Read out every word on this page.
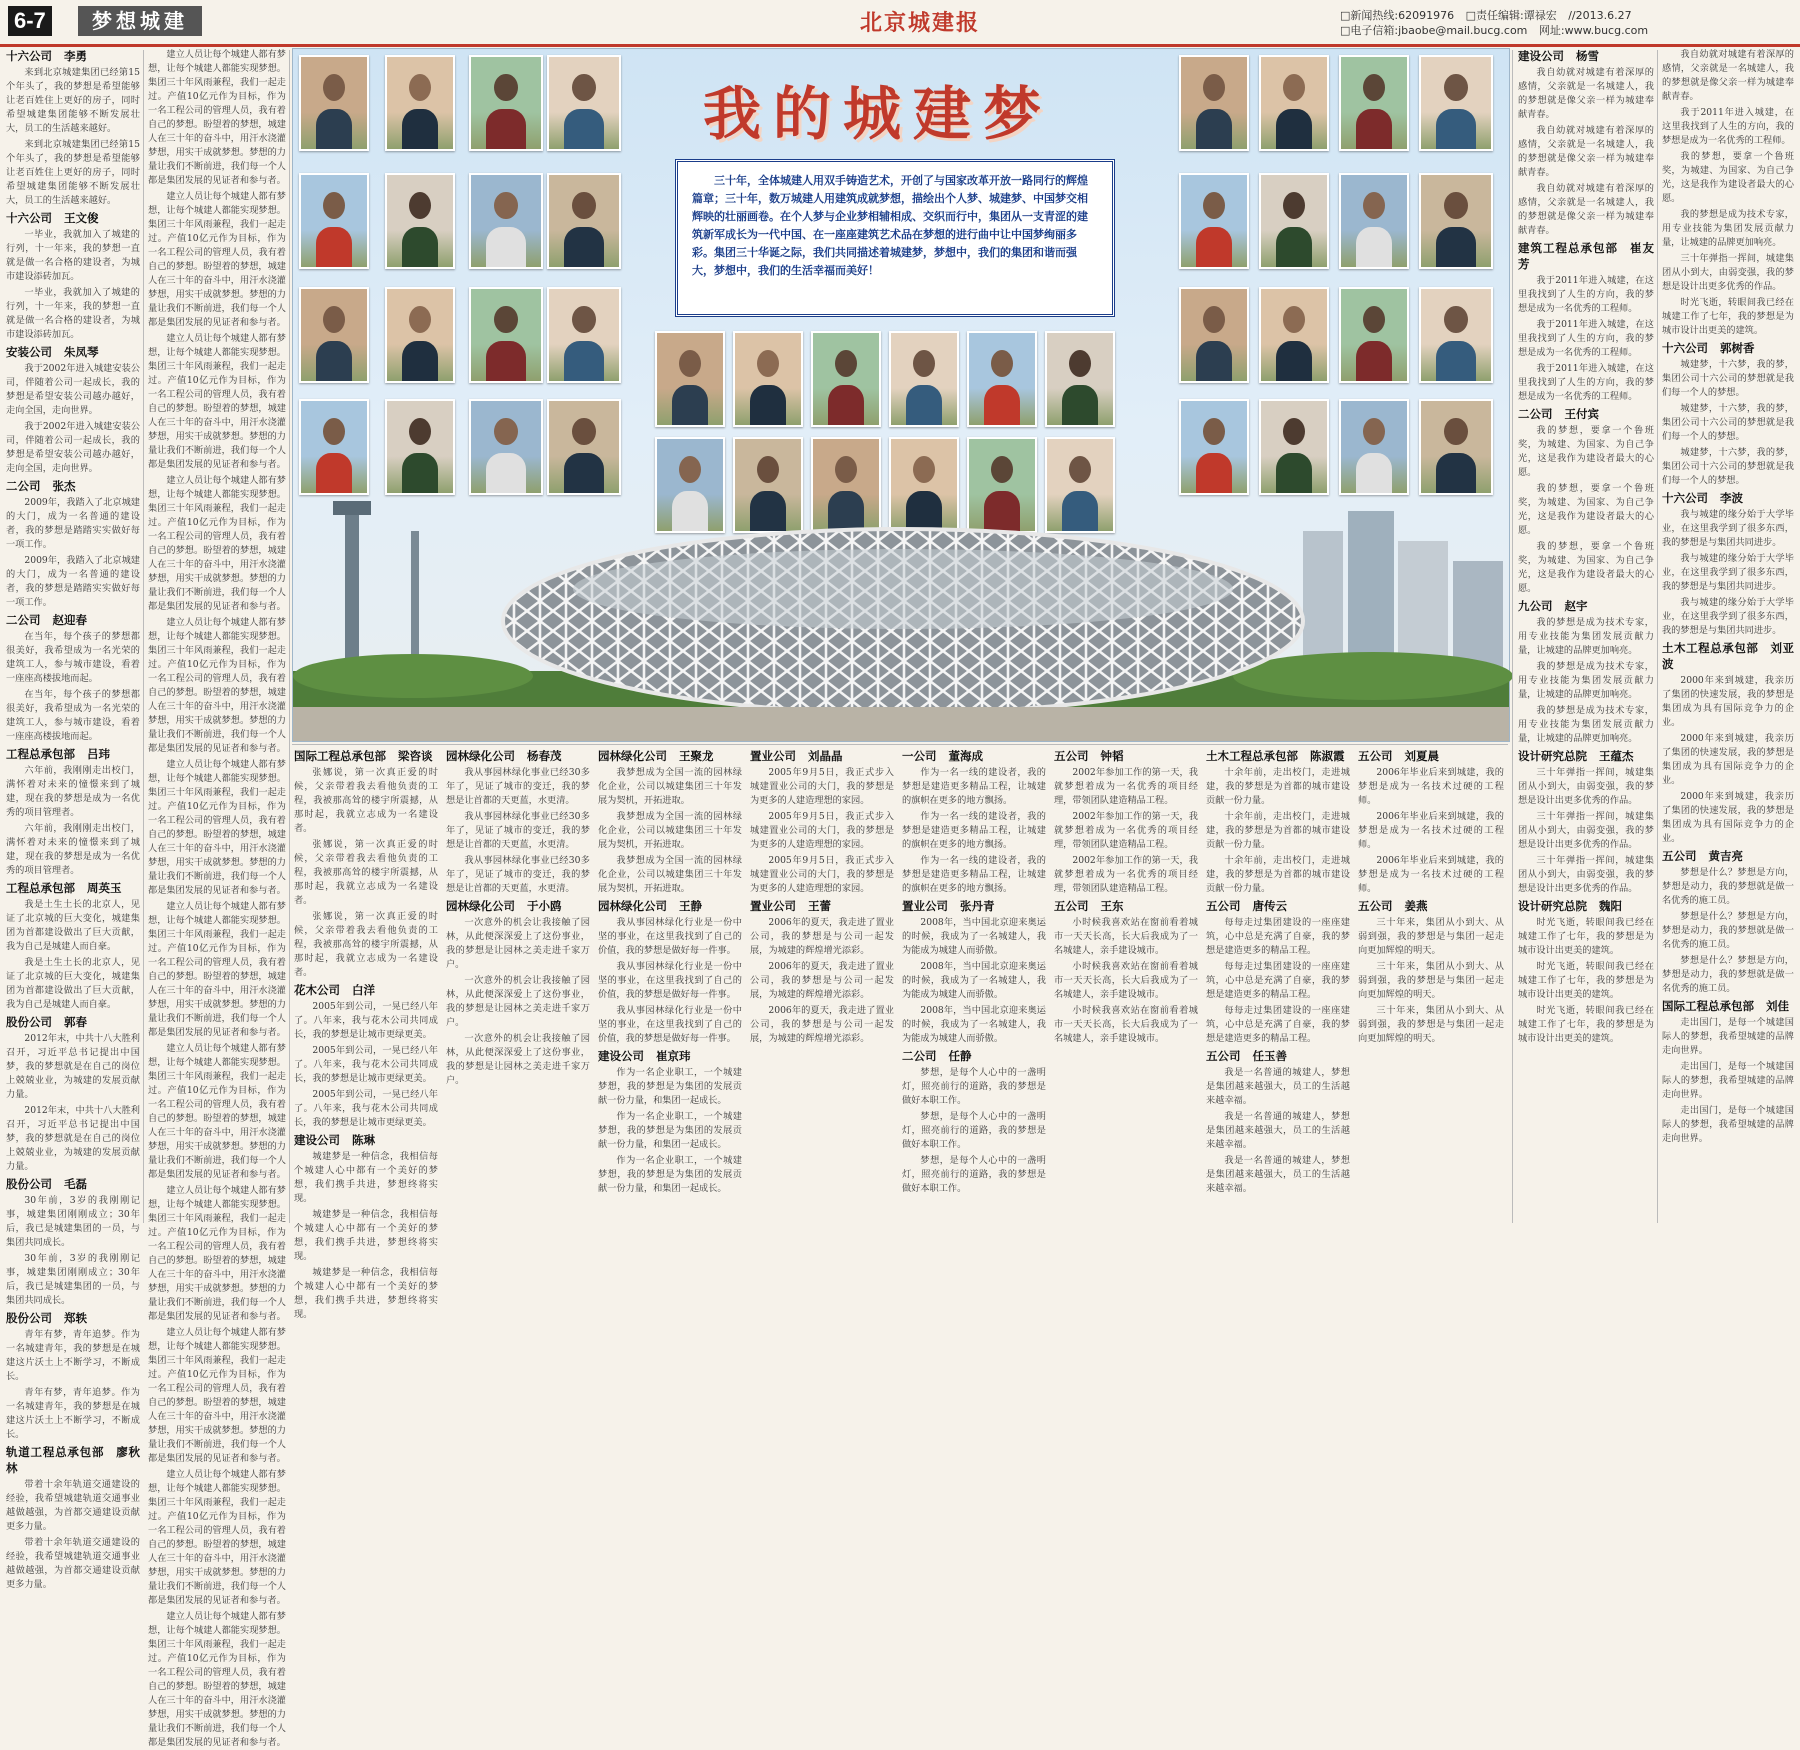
6-7	梦想城建	北京城建报	□新闻热线:62091976 □责任编辑:谭禄宏 //2013.6.27
□电子信箱:jbaobe@mail.bucg.com 网址:www.bucg.com

十六公司 李勇

来到北京城建集团已经第15个年头了，我的梦想是希望能够让老百姓住上更好的房子，同时希望城建集团能够不断发展壮大，员工的生活越来越好。

来到北京城建集团已经第15个年头了，我的梦想是希望能够让老百姓住上更好的房子，同时希望城建集团能够不断发展壮大，员工的生活越来越好。

十六公司 王文俊

一毕业，我就加入了城建的行列，十一年来，我的梦想一直就是做一名合格的建设者，为城市建设添砖加瓦。

一毕业，我就加入了城建的行列，十一年来，我的梦想一直就是做一名合格的建设者，为城市建设添砖加瓦。

安装公司 朱凤琴

我于2002年进入城建安装公司，伴随着公司一起成长，我的梦想是希望安装公司越办越好，走向全国，走向世界。

我于2002年进入城建安装公司，伴随着公司一起成长，我的梦想是希望安装公司越办越好，走向全国，走向世界。

二公司 张杰

2009年，我踏入了北京城建的大门，成为一名普通的建设者，我的梦想是踏踏实实做好每一项工作。

2009年，我踏入了北京城建的大门，成为一名普通的建设者，我的梦想是踏踏实实做好每一项工作。

二公司 赵迎春

在当年，每个孩子的梦想都很美好，我希望成为一名光荣的建筑工人，参与城市建设，看着一座座高楼拔地而起。

在当年，每个孩子的梦想都很美好，我希望成为一名光荣的建筑工人，参与城市建设，看着一座座高楼拔地而起。

工程总承包部 吕玮

六年前，我刚刚走出校门，满怀着对未来的憧憬来到了城建，现在我的梦想是成为一名优秀的项目管理者。

六年前，我刚刚走出校门，满怀着对未来的憧憬来到了城建，现在我的梦想是成为一名优秀的项目管理者。

工程总承包部 周英玉

我是土生土长的北京人，见证了北京城的巨大变化，城建集团为首都建设做出了巨大贡献，我为自己是城建人而自豪。

我是土生土长的北京人，见证了北京城的巨大变化，城建集团为首都建设做出了巨大贡献，我为自己是城建人而自豪。

股份公司 郭春

2012年末，中共十八大胜利召开，习近平总书记提出中国梦，我的梦想就是在自己的岗位上兢兢业业，为城建的发展贡献力量。

2012年末，中共十八大胜利召开，习近平总书记提出中国梦，我的梦想就是在自己的岗位上兢兢业业，为城建的发展贡献力量。

股份公司 毛磊

30年前，3岁的我刚刚记事，城建集团刚刚成立；30年后，我已是城建集团的一员，与集团共同成长。

30年前，3岁的我刚刚记事，城建集团刚刚成立；30年后，我已是城建集团的一员，与集团共同成长。

股份公司 郑轶

青年有梦，青年追梦。作为一名城建青年，我的梦想是在城建这片沃土上不断学习，不断成长。

青年有梦，青年追梦。作为一名城建青年，我的梦想是在城建这片沃土上不断学习，不断成长。

轨道工程总承包部 廖秋林

带着十余年轨道交通建设的经验，我希望城建轨道交通事业越做越强，为首都交通建设贡献更多力量。

带着十余年轨道交通建设的经验，我希望城建轨道交通事业越做越强，为首都交通建设贡献更多力量。

建立人员让每个城建人都有梦想，让每个城建人都能实现梦想。集团三十年风雨兼程，我们一起走过。产值10亿元作为目标，作为一名工程公司的管理人员，我有着自己的梦想。盼望着的梦想，城建人在三十年的奋斗中，用汗水浇灌梦想，用实干成就梦想。梦想的力量让我们不断前进，我们每一个人都是集团发展的见证者和参与者。

建立人员让每个城建人都有梦想，让每个城建人都能实现梦想。集团三十年风雨兼程，我们一起走过。产值10亿元作为目标，作为一名工程公司的管理人员，我有着自己的梦想。盼望着的梦想，城建人在三十年的奋斗中，用汗水浇灌梦想，用实干成就梦想。梦想的力量让我们不断前进，我们每一个人都是集团发展的见证者和参与者。

建立人员让每个城建人都有梦想，让每个城建人都能实现梦想。集团三十年风雨兼程，我们一起走过。产值10亿元作为目标，作为一名工程公司的管理人员，我有着自己的梦想。盼望着的梦想，城建人在三十年的奋斗中，用汗水浇灌梦想，用实干成就梦想。梦想的力量让我们不断前进，我们每一个人都是集团发展的见证者和参与者。

建立人员让每个城建人都有梦想，让每个城建人都能实现梦想。集团三十年风雨兼程，我们一起走过。产值10亿元作为目标，作为一名工程公司的管理人员，我有着自己的梦想。盼望着的梦想，城建人在三十年的奋斗中，用汗水浇灌梦想，用实干成就梦想。梦想的力量让我们不断前进，我们每一个人都是集团发展的见证者和参与者。

建立人员让每个城建人都有梦想，让每个城建人都能实现梦想。集团三十年风雨兼程，我们一起走过。产值10亿元作为目标，作为一名工程公司的管理人员，我有着自己的梦想。盼望着的梦想，城建人在三十年的奋斗中，用汗水浇灌梦想，用实干成就梦想。梦想的力量让我们不断前进，我们每一个人都是集团发展的见证者和参与者。

建立人员让每个城建人都有梦想，让每个城建人都能实现梦想。集团三十年风雨兼程，我们一起走过。产值10亿元作为目标，作为一名工程公司的管理人员，我有着自己的梦想。盼望着的梦想，城建人在三十年的奋斗中，用汗水浇灌梦想，用实干成就梦想。梦想的力量让我们不断前进，我们每一个人都是集团发展的见证者和参与者。

建立人员让每个城建人都有梦想，让每个城建人都能实现梦想。集团三十年风雨兼程，我们一起走过。产值10亿元作为目标，作为一名工程公司的管理人员，我有着自己的梦想。盼望着的梦想，城建人在三十年的奋斗中，用汗水浇灌梦想，用实干成就梦想。梦想的力量让我们不断前进，我们每一个人都是集团发展的见证者和参与者。

建立人员让每个城建人都有梦想，让每个城建人都能实现梦想。集团三十年风雨兼程，我们一起走过。产值10亿元作为目标，作为一名工程公司的管理人员，我有着自己的梦想。盼望着的梦想，城建人在三十年的奋斗中，用汗水浇灌梦想，用实干成就梦想。梦想的力量让我们不断前进，我们每一个人都是集团发展的见证者和参与者。

建立人员让每个城建人都有梦想，让每个城建人都能实现梦想。集团三十年风雨兼程，我们一起走过。产值10亿元作为目标，作为一名工程公司的管理人员，我有着自己的梦想。盼望着的梦想，城建人在三十年的奋斗中，用汗水浇灌梦想，用实干成就梦想。梦想的力量让我们不断前进，我们每一个人都是集团发展的见证者和参与者。

建立人员让每个城建人都有梦想，让每个城建人都能实现梦想。集团三十年风雨兼程，我们一起走过。产值10亿元作为目标，作为一名工程公司的管理人员，我有着自己的梦想。盼望着的梦想，城建人在三十年的奋斗中，用汗水浇灌梦想，用实干成就梦想。梦想的力量让我们不断前进，我们每一个人都是集团发展的见证者和参与者。

建立人员让每个城建人都有梦想，让每个城建人都能实现梦想。集团三十年风雨兼程，我们一起走过。产值10亿元作为目标，作为一名工程公司的管理人员，我有着自己的梦想。盼望着的梦想，城建人在三十年的奋斗中，用汗水浇灌梦想，用实干成就梦想。梦想的力量让我们不断前进，我们每一个人都是集团发展的见证者和参与者。

建立人员让每个城建人都有梦想，让每个城建人都能实现梦想。集团三十年风雨兼程，我们一起走过。产值10亿元作为目标，作为一名工程公司的管理人员，我有着自己的梦想。盼望着的梦想，城建人在三十年的奋斗中，用汗水浇灌梦想，用实干成就梦想。梦想的力量让我们不断前进，我们每一个人都是集团发展的见证者和参与者。

我的城建梦
三十年，全体城建人用双手铸造艺术，开创了与国家改革开放一路同行的辉煌篇章；三十年，数万城建人用建筑成就梦想，描绘出个人梦、城建梦、中国梦交相辉映的壮丽画卷。在个人梦与企业梦相辅相成、交织而行中，集团从一支青涩的建筑新军成长为一代中国、在一座座建筑艺术品在梦想的进行曲中让中国梦绚丽多彩。集团三十华诞之际，我们共同描述着城建梦，梦想中，我们的集团和谐而强大，梦想中，我们的生活幸福而美好！

国际工程总承包部 梁咨谈

张娜说，第一次真正爱的时候，父亲带着我去看他负责的工程，我被那高耸的楼宇所震撼，从那时起，我就立志成为一名建设者。

张娜说，第一次真正爱的时候，父亲带着我去看他负责的工程，我被那高耸的楼宇所震撼，从那时起，我就立志成为一名建设者。

张娜说，第一次真正爱的时候，父亲带着我去看他负责的工程，我被那高耸的楼宇所震撼，从那时起，我就立志成为一名建设者。

花木公司 白洋

2005年到公司，一晃已经八年了。八年来，我与花木公司共同成长，我的梦想是让城市更绿更美。

2005年到公司，一晃已经八年了。八年来，我与花木公司共同成长，我的梦想是让城市更绿更美。

2005年到公司，一晃已经八年了。八年来，我与花木公司共同成长，我的梦想是让城市更绿更美。

建设公司 陈琳

城建梦是一种信念，我相信每个城建人心中都有一个美好的梦想，我们携手共进，梦想终将实现。

城建梦是一种信念，我相信每个城建人心中都有一个美好的梦想，我们携手共进，梦想终将实现。

城建梦是一种信念，我相信每个城建人心中都有一个美好的梦想，我们携手共进，梦想终将实现。

园林绿化公司 杨春茂

我从事园林绿化事业已经30多年了，见证了城市的变迁，我的梦想是让首都的天更蓝，水更清。

我从事园林绿化事业已经30多年了，见证了城市的变迁，我的梦想是让首都的天更蓝，水更清。

我从事园林绿化事业已经30多年了，见证了城市的变迁，我的梦想是让首都的天更蓝，水更清。

园林绿化公司 于小鸥

一次意外的机会让我接触了园林，从此便深深爱上了这份事业，我的梦想是让园林之美走进千家万户。

一次意外的机会让我接触了园林，从此便深深爱上了这份事业，我的梦想是让园林之美走进千家万户。

一次意外的机会让我接触了园林，从此便深深爱上了这份事业，我的梦想是让园林之美走进千家万户。

园林绿化公司 王聚龙

我梦想成为全国一流的园林绿化企业，公司以城建集团三十年发展为契机，开拓进取。

我梦想成为全国一流的园林绿化企业，公司以城建集团三十年发展为契机，开拓进取。

我梦想成为全国一流的园林绿化企业，公司以城建集团三十年发展为契机，开拓进取。

园林绿化公司 王静

我从事园林绿化行业是一份中坚的事业，在这里我找到了自己的价值，我的梦想是做好每一件事。

我从事园林绿化行业是一份中坚的事业，在这里我找到了自己的价值，我的梦想是做好每一件事。

我从事园林绿化行业是一份中坚的事业，在这里我找到了自己的价值，我的梦想是做好每一件事。

建设公司 崔京玮

作为一名企业职工，一个城建梦想，我的梦想是为集团的发展贡献一份力量，和集团一起成长。

作为一名企业职工，一个城建梦想，我的梦想是为集团的发展贡献一份力量，和集团一起成长。

作为一名企业职工，一个城建梦想，我的梦想是为集团的发展贡献一份力量，和集团一起成长。

置业公司 刘晶晶

2005年9月5日，我正式步入城建置业公司的大门，我的梦想是为更多的人建造理想的家园。

2005年9月5日，我正式步入城建置业公司的大门，我的梦想是为更多的人建造理想的家园。

2005年9月5日，我正式步入城建置业公司的大门，我的梦想是为更多的人建造理想的家园。

置业公司 王蕾

2006年的夏天，我走进了置业公司，我的梦想是与公司一起发展，为城建的辉煌增光添彩。

2006年的夏天，我走进了置业公司，我的梦想是与公司一起发展，为城建的辉煌增光添彩。

2006年的夏天，我走进了置业公司，我的梦想是与公司一起发展，为城建的辉煌增光添彩。

一公司 董海成

作为一名一线的建设者，我的梦想是建造更多精品工程，让城建的旗帜在更多的地方飘扬。

作为一名一线的建设者，我的梦想是建造更多精品工程，让城建的旗帜在更多的地方飘扬。

作为一名一线的建设者，我的梦想是建造更多精品工程，让城建的旗帜在更多的地方飘扬。

置业公司 张丹青

2008年，当中国北京迎来奥运的时候，我成为了一名城建人，我为能成为城建人而骄傲。

2008年，当中国北京迎来奥运的时候，我成为了一名城建人，我为能成为城建人而骄傲。

2008年，当中国北京迎来奥运的时候，我成为了一名城建人，我为能成为城建人而骄傲。

二公司 任静

梦想，是每个人心中的一盏明灯，照亮前行的道路，我的梦想是做好本职工作。

梦想，是每个人心中的一盏明灯，照亮前行的道路，我的梦想是做好本职工作。

梦想，是每个人心中的一盏明灯，照亮前行的道路，我的梦想是做好本职工作。

五公司 钟韬

2002年参加工作的第一天，我就梦想着成为一名优秀的项目经理，带领团队建造精品工程。

2002年参加工作的第一天，我就梦想着成为一名优秀的项目经理，带领团队建造精品工程。

2002年参加工作的第一天，我就梦想着成为一名优秀的项目经理，带领团队建造精品工程。

五公司 王东

小时候我喜欢站在窗前看着城市一天天长高，长大后我成为了一名城建人，亲手建设城市。

小时候我喜欢站在窗前看着城市一天天长高，长大后我成为了一名城建人，亲手建设城市。

小时候我喜欢站在窗前看着城市一天天长高，长大后我成为了一名城建人，亲手建设城市。

土木工程总承包部 陈淑霞

十余年前，走出校门，走进城建，我的梦想是为首都的城市建设贡献一份力量。

十余年前，走出校门，走进城建，我的梦想是为首都的城市建设贡献一份力量。

十余年前，走出校门，走进城建，我的梦想是为首都的城市建设贡献一份力量。

五公司 唐传云

每每走过集团建设的一座座建筑，心中总是充满了自豪，我的梦想是建造更多的精品工程。

每每走过集团建设的一座座建筑，心中总是充满了自豪，我的梦想是建造更多的精品工程。

每每走过集团建设的一座座建筑，心中总是充满了自豪，我的梦想是建造更多的精品工程。

五公司 任玉善

我是一名普通的城建人，梦想是集团越来越强大，员工的生活越来越幸福。

我是一名普通的城建人，梦想是集团越来越强大，员工的生活越来越幸福。

我是一名普通的城建人，梦想是集团越来越强大，员工的生活越来越幸福。

五公司 刘夏晨

2006年毕业后来到城建，我的梦想是成为一名技术过硬的工程师。

2006年毕业后来到城建，我的梦想是成为一名技术过硬的工程师。

2006年毕业后来到城建，我的梦想是成为一名技术过硬的工程师。

五公司 姜燕

三十年来，集团从小到大、从弱到强，我的梦想是与集团一起走向更加辉煌的明天。

三十年来，集团从小到大、从弱到强，我的梦想是与集团一起走向更加辉煌的明天。

三十年来，集团从小到大、从弱到强，我的梦想是与集团一起走向更加辉煌的明天。

建设公司 杨雪

我自幼就对城建有着深厚的感情，父亲就是一名城建人，我的梦想就是像父亲一样为城建奉献青春。

我自幼就对城建有着深厚的感情，父亲就是一名城建人，我的梦想就是像父亲一样为城建奉献青春。

我自幼就对城建有着深厚的感情，父亲就是一名城建人，我的梦想就是像父亲一样为城建奉献青春。

建筑工程总承包部 崔友芳

我于2011年进入城建，在这里我找到了人生的方向，我的梦想是成为一名优秀的工程师。

我于2011年进入城建，在这里我找到了人生的方向，我的梦想是成为一名优秀的工程师。

我于2011年进入城建，在这里我找到了人生的方向，我的梦想是成为一名优秀的工程师。

二公司 王付宾

我的梦想，要拿一个鲁班奖，为城建、为国家、为自己争光，这是我作为建设者最大的心愿。

我的梦想，要拿一个鲁班奖，为城建、为国家、为自己争光，这是我作为建设者最大的心愿。

我的梦想，要拿一个鲁班奖，为城建、为国家、为自己争光，这是我作为建设者最大的心愿。

九公司 赵宇

我的梦想是成为技术专家，用专业技能为集团发展贡献力量，让城建的品牌更加响亮。

我的梦想是成为技术专家，用专业技能为集团发展贡献力量，让城建的品牌更加响亮。

我的梦想是成为技术专家，用专业技能为集团发展贡献力量，让城建的品牌更加响亮。

设计研究总院 王蕴杰

三十年弹指一挥间，城建集团从小到大，由弱变强，我的梦想是设计出更多优秀的作品。

三十年弹指一挥间，城建集团从小到大，由弱变强，我的梦想是设计出更多优秀的作品。

三十年弹指一挥间，城建集团从小到大，由弱变强，我的梦想是设计出更多优秀的作品。

设计研究总院 魏阳

时光飞逝，转眼间我已经在城建工作了七年，我的梦想是为城市设计出更美的建筑。

时光飞逝，转眼间我已经在城建工作了七年，我的梦想是为城市设计出更美的建筑。

时光飞逝，转眼间我已经在城建工作了七年，我的梦想是为城市设计出更美的建筑。

我自幼就对城建有着深厚的感情，父亲就是一名城建人，我的梦想就是像父亲一样为城建奉献青春。

我于2011年进入城建，在这里我找到了人生的方向，我的梦想是成为一名优秀的工程师。

我的梦想，要拿一个鲁班奖，为城建、为国家、为自己争光，这是我作为建设者最大的心愿。

我的梦想是成为技术专家，用专业技能为集团发展贡献力量，让城建的品牌更加响亮。

三十年弹指一挥间，城建集团从小到大，由弱变强，我的梦想是设计出更多优秀的作品。

时光飞逝，转眼间我已经在城建工作了七年，我的梦想是为城市设计出更美的建筑。

十六公司 郭树香

城建梦，十六梦，我的梦，集团公司十六公司的梦想就是我们每一个人的梦想。

城建梦，十六梦，我的梦，集团公司十六公司的梦想就是我们每一个人的梦想。

城建梦，十六梦，我的梦，集团公司十六公司的梦想就是我们每一个人的梦想。

十六公司 李波

我与城建的缘分始于大学毕业，在这里我学到了很多东西，我的梦想是与集团共同进步。

我与城建的缘分始于大学毕业，在这里我学到了很多东西，我的梦想是与集团共同进步。

我与城建的缘分始于大学毕业，在这里我学到了很多东西，我的梦想是与集团共同进步。

土木工程总承包部 刘亚波

2000年来到城建，我亲历了集团的快速发展，我的梦想是集团成为具有国际竞争力的企业。

2000年来到城建，我亲历了集团的快速发展，我的梦想是集团成为具有国际竞争力的企业。

2000年来到城建，我亲历了集团的快速发展，我的梦想是集团成为具有国际竞争力的企业。

五公司 黄吉亮

梦想是什么？梦想是方向，梦想是动力，我的梦想就是做一名优秀的施工员。

梦想是什么？梦想是方向，梦想是动力，我的梦想就是做一名优秀的施工员。

梦想是什么？梦想是方向，梦想是动力，我的梦想就是做一名优秀的施工员。

国际工程总承包部 刘佳

走出国门，是每一个城建国际人的梦想，我希望城建的品牌走向世界。

走出国门，是每一个城建国际人的梦想，我希望城建的品牌走向世界。

走出国门，是每一个城建国际人的梦想，我希望城建的品牌走向世界。
